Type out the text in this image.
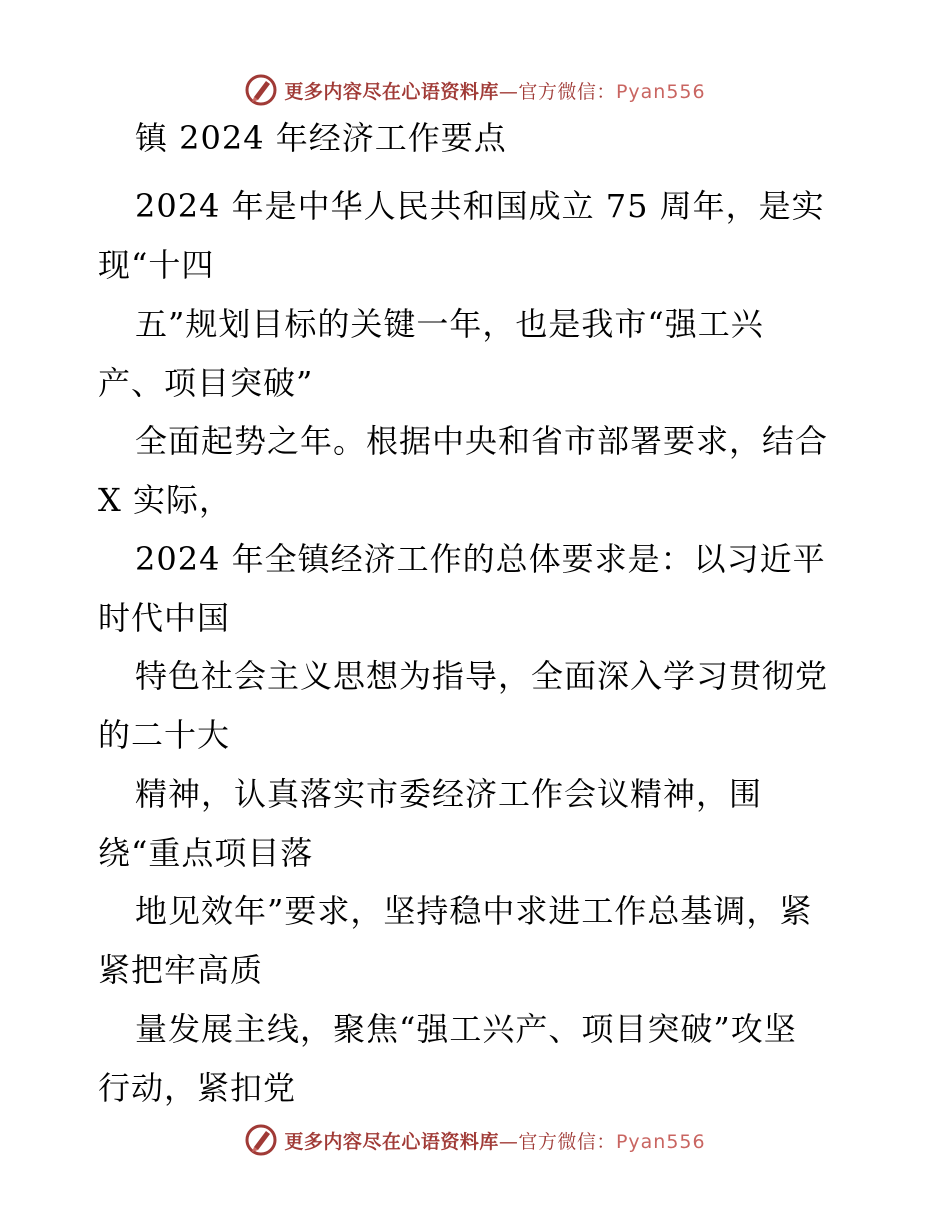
更多内容尽在心语资料库—官方微信：Pyan556
镇 2024 年经济工作要点
2024 年是中华人民共和国成立 75 周年，是实
现“十四
五”规划目标的关键一年，也是我市“强工兴
产、项目突破”
全面起势之年。根据中央和省市部署要求，结合
X 实际，
2024 年全镇经济工作的总体要求是：以习近平
时代中国
特色社会主义思想为指导，全面深入学习贯彻党
的二十大
精神，认真落实市委经济工作会议精神，围
绕“重点项目落
地见效年”要求，坚持稳中求进工作总基调，紧
紧把牢高质
量发展主线，聚焦“强工兴产、项目突破”攻坚
行动，紧扣党
更多内容尽在心语资料库—官方微信：Pyan556
